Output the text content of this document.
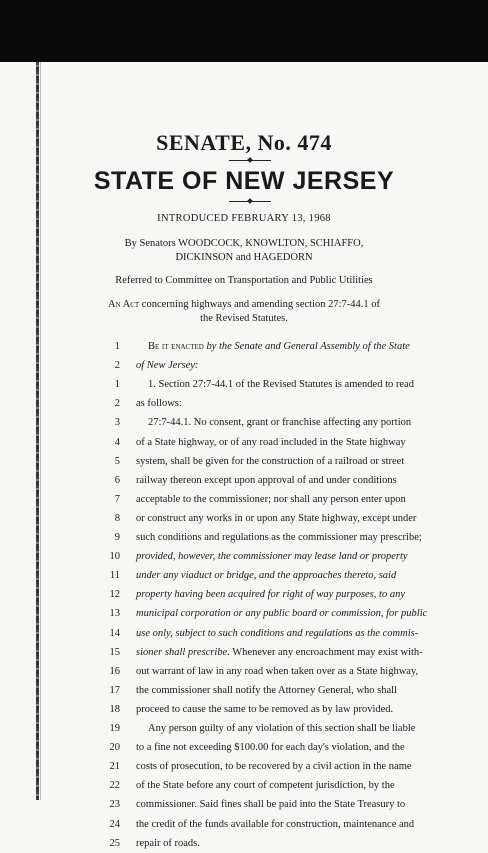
SENATE, No. 474
STATE OF NEW JERSEY
INTRODUCED FEBRUARY 13, 1968
By Senators WOODCOCK, KNOWLTON, SCHIAFFO,
DICKINSON and HAGEDORN
Referred to Committee on Transportation and Public Utilities
An Act concerning highways and amending section 27:7-44.1 of
the Revised Statutes.
1	Be it enacted by the Senate and General Assembly of the State
2 of New Jersey:
1	1. Section 27:7-44.1 of the Revised Statutes is amended to read
2 as follows:
3	27:7-44.1. No consent, grant or franchise affecting any portion
4 of a State highway, or of any road included in the State highway
5 system, shall be given for the construction of a railroad or street
6 railway thereon except upon approval of and under conditions
7 acceptable to the commissioner; nor shall any person enter upon
8 or construct any works in or upon any State highway, except under
9 such conditions and regulations as the commissioner may prescribe;
10 provided, however, the commissioner may lease land or property
11 under any viaduct or bridge, and the approaches thereto, said
12 property having been acquired for right of way purposes, to any
13 municipal corporation or any public board or commission, for public
14 use only, subject to such conditions and regulations as the commis-
15 sioner shall prescribe. Whenever any encroachment may exist with-
16 out warrant of law in any road when taken over as a State highway,
17 the commissioner shall notify the Attorney General, who shall
18 proceed to cause the same to be removed as by law provided.
19	Any person guilty of any violation of this section shall be liable
20 to a fine not exceeding $100.00 for each day's violation, and the
21 costs of prosecution, to be recovered by a civil action in the name
22 of the State before any court of competent jurisdiction, by the
23 commissioner. Said fines shall be paid into the State Treasury to
24 the credit of the funds available for construction, maintenance and
25 repair of roads.
